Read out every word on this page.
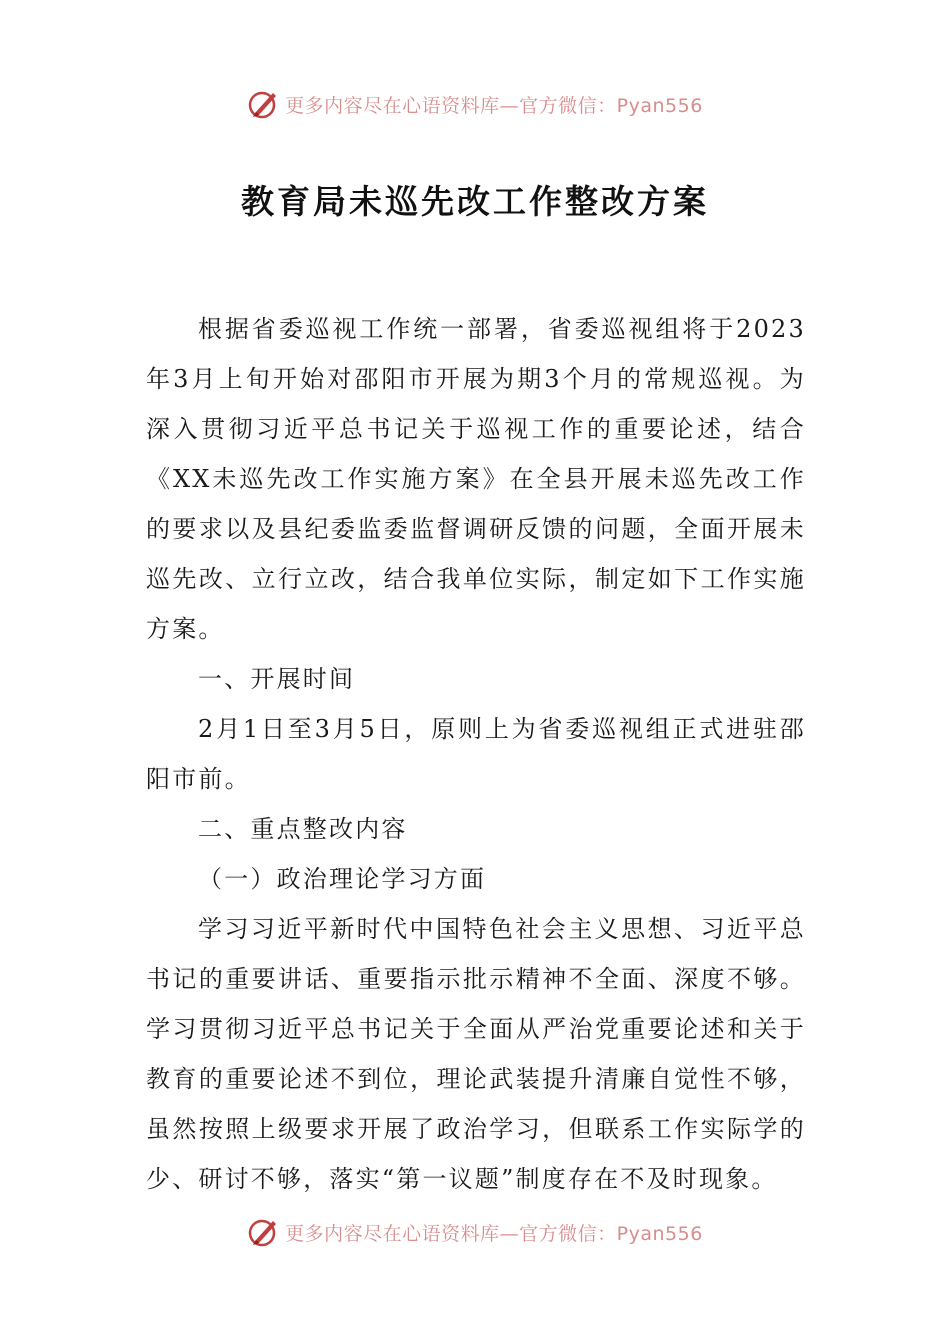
更多内容尽在心语资料库—官方微信：Pyan556
教育局未巡先改工作整改方案

根据省委巡视工作统一部署，省委巡视组将于2023年3月上旬开始对邵阳市开展为期3个月的常规巡视。为深入贯彻习近平总书记关于巡视工作的重要论述，结合《XX未巡先改工作实施方案》在全县开展未巡先改工作的要求以及县纪委监委监督调研反馈的问题，全面开展未巡先改、立行立改，结合我单位实际，制定如下工作实施方案。

一、开展时间

2月1日至3月5日，原则上为省委巡视组正式进驻邵阳市前。

二、重点整改内容

（一）政治理论学习方面

学习习近平新时代中国特色社会主义思想、习近平总书记的重要讲话、重要指示批示精神不全面、深度不够。学习贯彻习近平总书记关于全面从严治党重要论述和关于教育的重要论述不到位，理论武装提升清廉自觉性不够，虽然按照上级要求开展了政治学习，但联系工作实际学的少、研讨不够，落实“第一议题”制度存在不及时现象。

更多内容尽在心语资料库—官方微信：Pyan556
